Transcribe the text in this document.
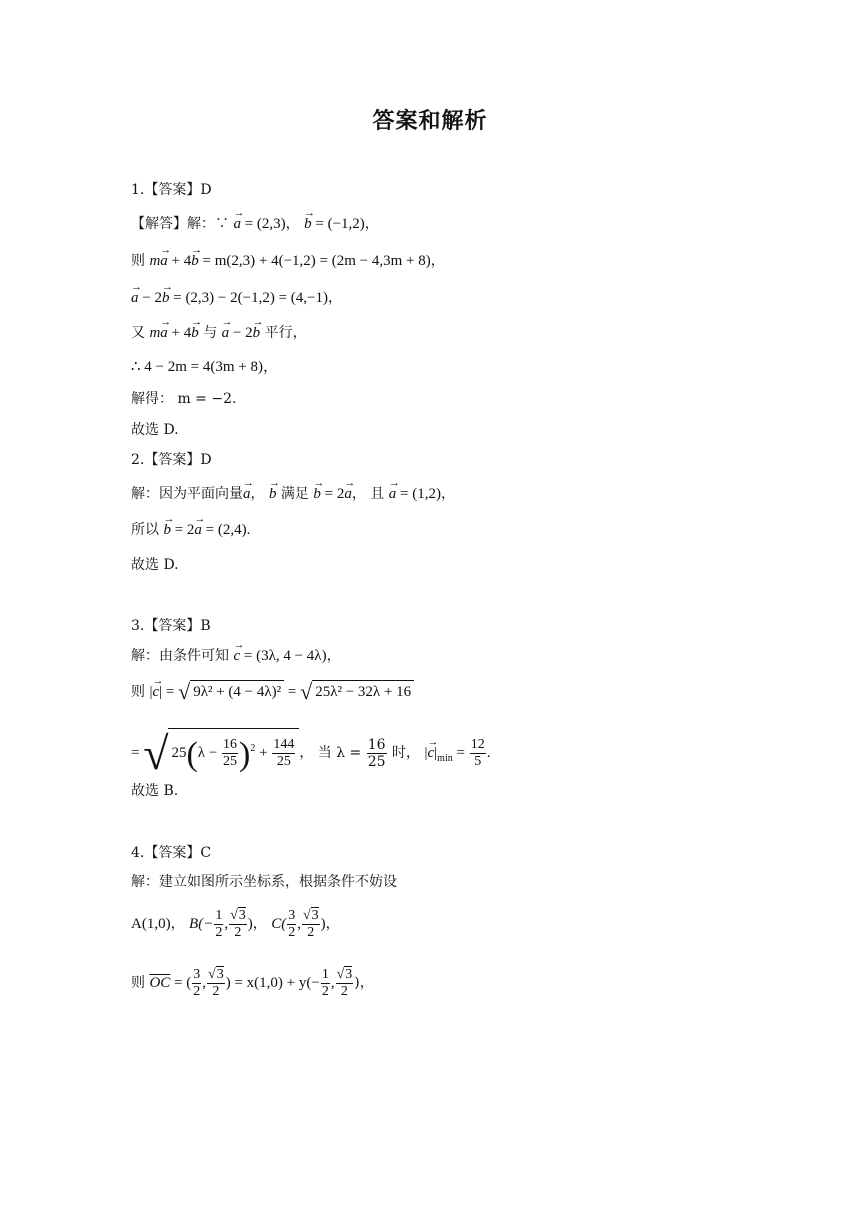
答案和解析
1.【答案】D
【解答】解：∵ → a = (2,3)， → b = (−1,2)，
则 m→ a + 4→ b = m(2,3) + 4(−1,2) = (2m − 4,3m + 8)，
→ a − 2→ b = (2,3) − 2(−1,2) = (4,−1)，
又 m→ a + 4→ b 与 → a − 2→ b 平行，
∴ 4 − 2m = 4(3m + 8)，
解得： m = −2.
故选 D.
2.【答案】D
解：因为平面向量→ a， → b 满足 → b = 2→ a， 且 → a = (1,2)，
所以 → b = 2→ a = (2,4).
故选 D.
3.【答案】B
解：由条件可知 → c = (3λ, 4 − 4λ)，
则 |→ c| = √ 9λ² + (4 − 4λ)² = √ 25λ² − 32λ + 16
= √ $25(\lambda - \frac{16}{25} )^2 + \frac{144}{25}$ ， 当 $\lambda = \frac{16}{25}$ 时， |→ $c|_{min} = \frac{12}{5}$ .
故选 B.
4.【答案】C
解：建立如图所示坐标系，根据条件不妨设
A(1,0)， $B(- \frac{1}{2}$ , $\frac{√3}{2}$ )， $C( \frac{3}{2}$ , $\frac{√3}{2}$ )，
则 $\overline{OC}$ = ( $\frac{3}{2}$ , $\frac{√3}{2}$ ) = $x(1,0) + y(- \frac{1}{2}$ , $\frac{√3}{2}$ )，
